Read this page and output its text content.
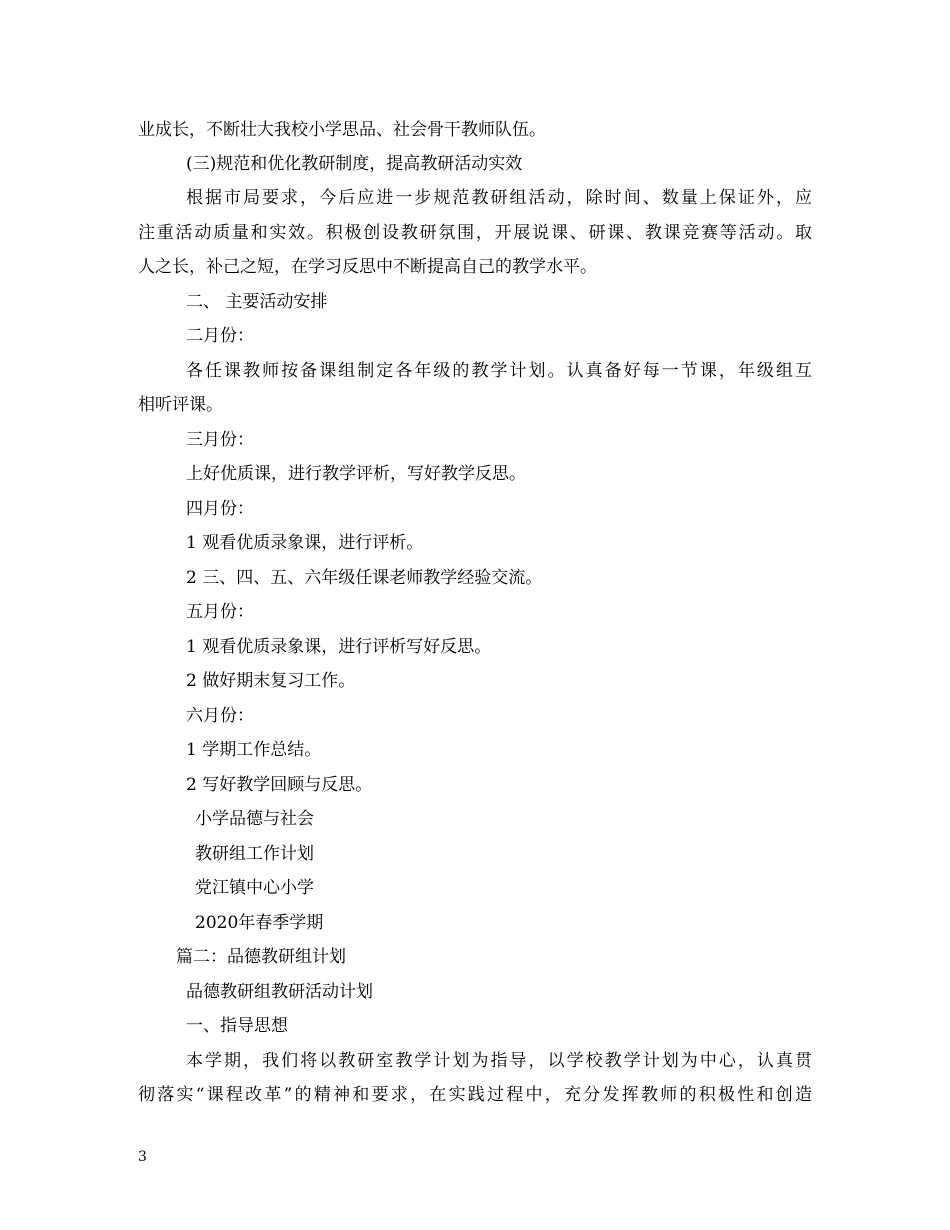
业成长，不断壮大我校小学思品、社会骨干教师队伍。
(三)规范和优化教研制度，提高教研活动实效
根据市局要求，今后应进一步规范教研组活动，除时间、数量上保证外，应
注重活动质量和实效。积极创设教研氛围，开展说课、研课、教课竞赛等活动。取
人之长，补己之短，在学习反思中不断提高自己的教学水平。
二、 主要活动安排
二月份：
各任课教师按备课组制定各年级的教学计划。认真备好每一节课，年级组互
相听评课。
三月份：
上好优质课，进行教学评析，写好教学反思。
四月份：
1 观看优质录象课，进行评析。
2 三、四、五、六年级任课老师教学经验交流。
五月份：
1 观看优质录象课，进行评析写好反思。
2 做好期末复习工作。
六月份：
1 学期工作总结。
2 写好教学回顾与反思。
小学品德与社会
教研组工作计划
党江镇中心小学
2020年春季学期
篇二：品德教研组计划
品德教研组教研活动计划
一、指导思想
本学期，我们将以教研室教学计划为指导，以学校教学计划为中心，认真贯
彻落实“课程改革”的精神和要求，在实践过程中，充分发挥教师的积极性和创造
3
